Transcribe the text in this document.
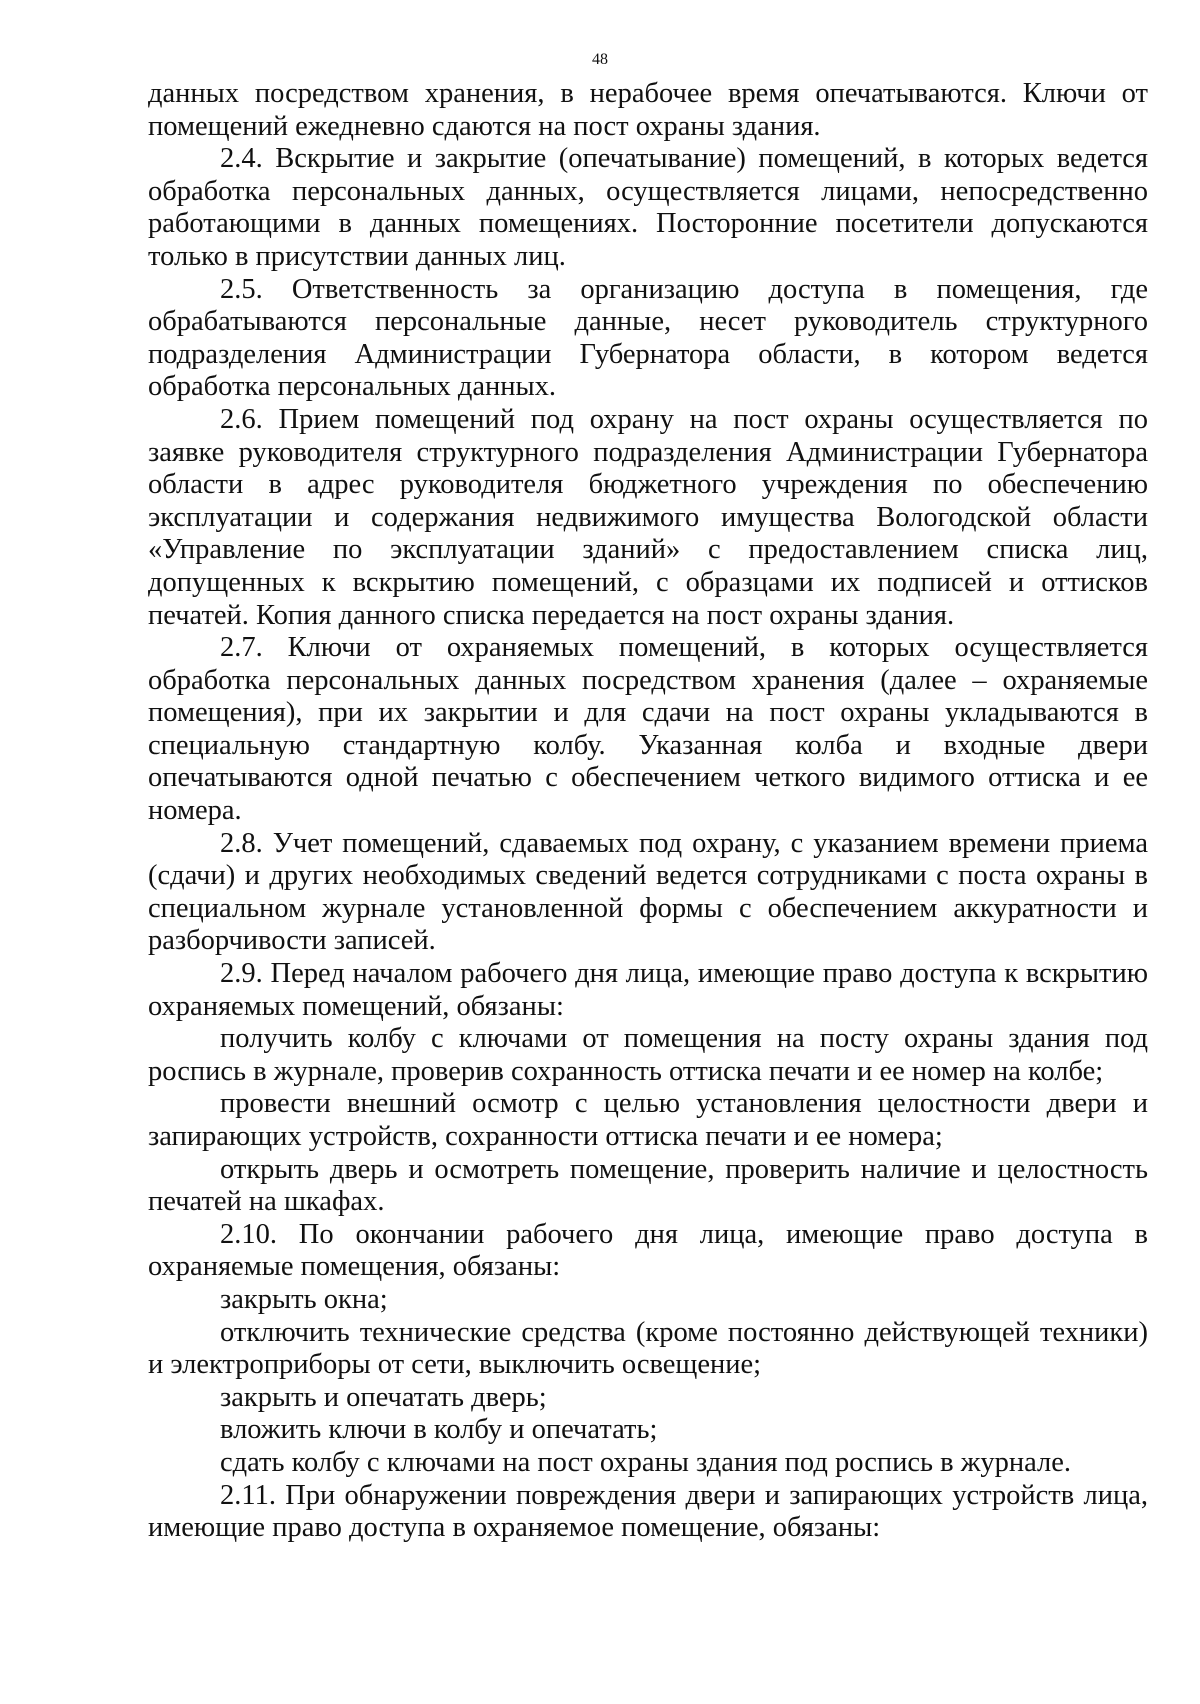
48

данных посредством хранения, в нерабочее время опечатываются. Ключи от помещений ежедневно сдаются на пост охраны здания.

2.4. Вскрытие и закрытие (опечатывание) помещений, в которых ведется обработка персональных данных, осуществляется лицами, непосредственно работающими в данных помещениях. Посторонние посетители допускаются только в присутствии данных лиц.

2.5. Ответственность за организацию доступа в помещения, где обрабатываются персональные данные, несет руководитель структурного подразделения Администрации Губернатора области, в котором ведется обработка персональных данных.

2.6. Прием помещений под охрану на пост охраны осуществляется по заявке руководителя структурного подразделения Администрации Губернатора области в адрес руководителя бюджетного учреждения по обеспечению эксплуатации и содержания недвижимого имущества Вологодской области «Управление по эксплуатации зданий» с предоставлением списка лиц, допущенных к вскрытию помещений, с образцами их подписей и оттисков печатей. Копия данного списка передается на пост охраны здания.

2.7. Ключи от охраняемых помещений, в которых осуществляется обработка персональных данных посредством хранения (далее – охраняемые помещения), при их закрытии и для сдачи на пост охраны укладываются в специальную стандартную колбу. Указанная колба и входные двери опечатываются одной печатью с обеспечением четкого видимого оттиска и ее номера.

2.8. Учет помещений, сдаваемых под охрану, с указанием времени приема (сдачи) и других необходимых сведений ведется сотрудниками с поста охраны в специальном журнале установленной формы с обеспечением аккуратности и разборчивости записей.

2.9. Перед началом рабочего дня лица, имеющие право доступа к вскрытию охраняемых помещений, обязаны:

получить колбу с ключами от помещения на посту охраны здания под роспись в журнале, проверив сохранность оттиска печати и ее номер на колбе;

провести внешний осмотр с целью установления целостности двери и запирающих устройств, сохранности оттиска печати и ее номера;

открыть дверь и осмотреть помещение, проверить наличие и целостность печатей на шкафах.

2.10. По окончании рабочего дня лица, имеющие право доступа в охраняемые помещения, обязаны:

закрыть окна;

отключить технические средства (кроме постоянно действующей техники) и электроприборы от сети, выключить освещение;

закрыть и опечатать дверь;

вложить ключи в колбу и опечатать;

сдать колбу с ключами на пост охраны здания под роспись в журнале.

2.11. При обнаружении повреждения двери и запирающих устройств лица, имеющие право доступа в охраняемое помещение, обязаны:
